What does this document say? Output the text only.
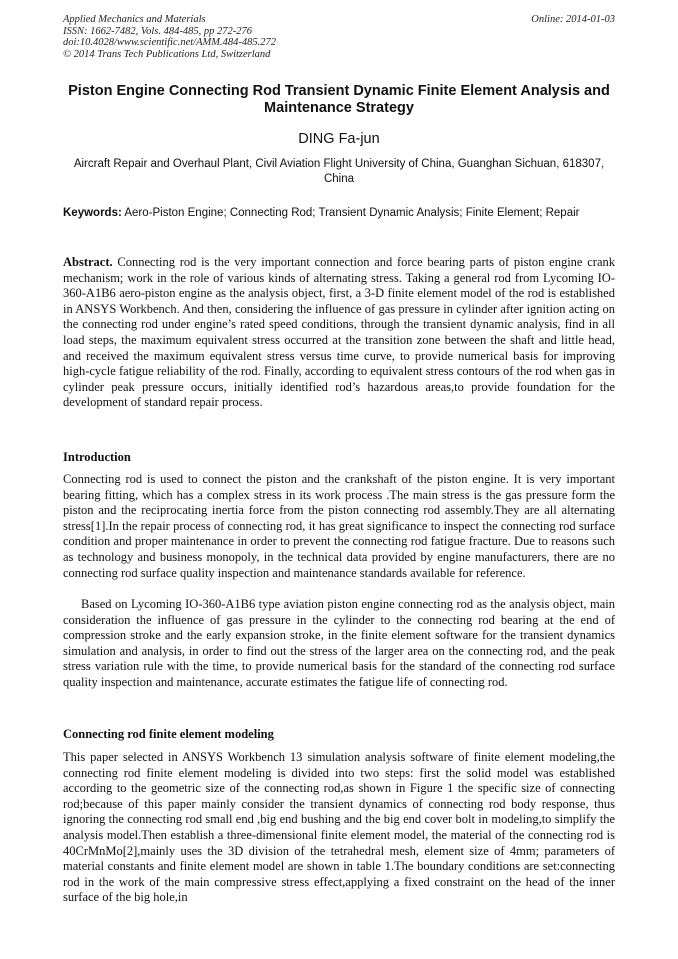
Applied Mechanics and Materials
ISSN: 1662-7482, Vols. 484-485, pp 272-276
doi:10.4028/www.scientific.net/AMM.484-485.272
© 2014 Trans Tech Publications Ltd, Switzerland
Online: 2014-01-03
Piston Engine Connecting Rod Transient Dynamic Finite Element Analysis and Maintenance Strategy
DING Fa-jun
Aircraft Repair and Overhaul Plant, Civil Aviation Flight University of China, Guanghan Sichuan, 618307, China
Keywords: Aero-Piston Engine; Connecting Rod; Transient Dynamic Analysis; Finite Element; Repair

Abstract. Connecting rod is the very important connection and force bearing parts of piston engine crank mechanism; work in the role of various kinds of alternating stress. Taking a general rod from Lycoming IO-360-A1B6 aero-piston engine as the analysis object, first, a 3-D finite element model of the rod is established in ANSYS Workbench. And then, considering the influence of gas pressure in cylinder after ignition acting on the connecting rod under engine’s rated speed conditions, through the transient dynamic analysis, find in all load steps, the maximum equivalent stress occurred at the transition zone between the shaft and little head, and received the maximum equivalent stress versus time curve, to provide numerical basis for improving high-cycle fatigue reliability of the rod. Finally, according to equivalent stress contours of the rod when gas in cylinder peak pressure occurs, initially identified rod’s hazardous areas,to provide foundation for the development of standard repair process.

Introduction

Connecting rod is used to connect the piston and the crankshaft of the piston engine. It is very important bearing fitting, which has a complex stress in its work process .The main stress is the gas pressure form the piston and the reciprocating inertia force from the piston connecting rod assembly.They are all alternating stress[1].In the repair process of connecting rod, it has great significance to inspect the connecting rod surface condition and proper maintenance in order to prevent the connecting rod fatigue fracture. Due to reasons such as technology and business monopoly, in the technical data provided by engine manufacturers, there are no connecting rod surface quality inspection and maintenance standards available for reference.

Based on Lycoming IO-360-A1B6 type aviation piston engine connecting rod as the analysis object, main consideration the influence of gas pressure in the cylinder to the connecting rod bearing at the end of compression stroke and the early expansion stroke, in the finite element software for the transient dynamics simulation and analysis, in order to find out the stress of the larger area on the connecting rod, and the peak stress variation rule with the time, to provide numerical basis for the standard of the connecting rod surface quality inspection and maintenance, accurate estimates the fatigue life of connecting rod.

Connecting rod finite element modeling

This paper selected in ANSYS Workbench 13 simulation analysis software of finite element modeling,the connecting rod finite element modeling is divided into two steps: first the solid model was established according to the geometric size of the connecting rod,as shown in Figure 1 the specific size of connecting rod;because of this paper mainly consider the transient dynamics of connecting rod body response, thus ignoring the connecting rod small end ,big end bushing and the big end cover bolt in modeling,to simplify the analysis model.Then establish a three-dimensional finite element model, the material of the connecting rod is 40CrMnMo[2],mainly uses the 3D division of the tetrahedral mesh, element size of 4mm; parameters of material constants and finite element model are shown in table 1.The boundary conditions are set:connecting rod in the work of the main compressive stress effect,applying a fixed constraint on the head of the inner surface of the big hole,in
